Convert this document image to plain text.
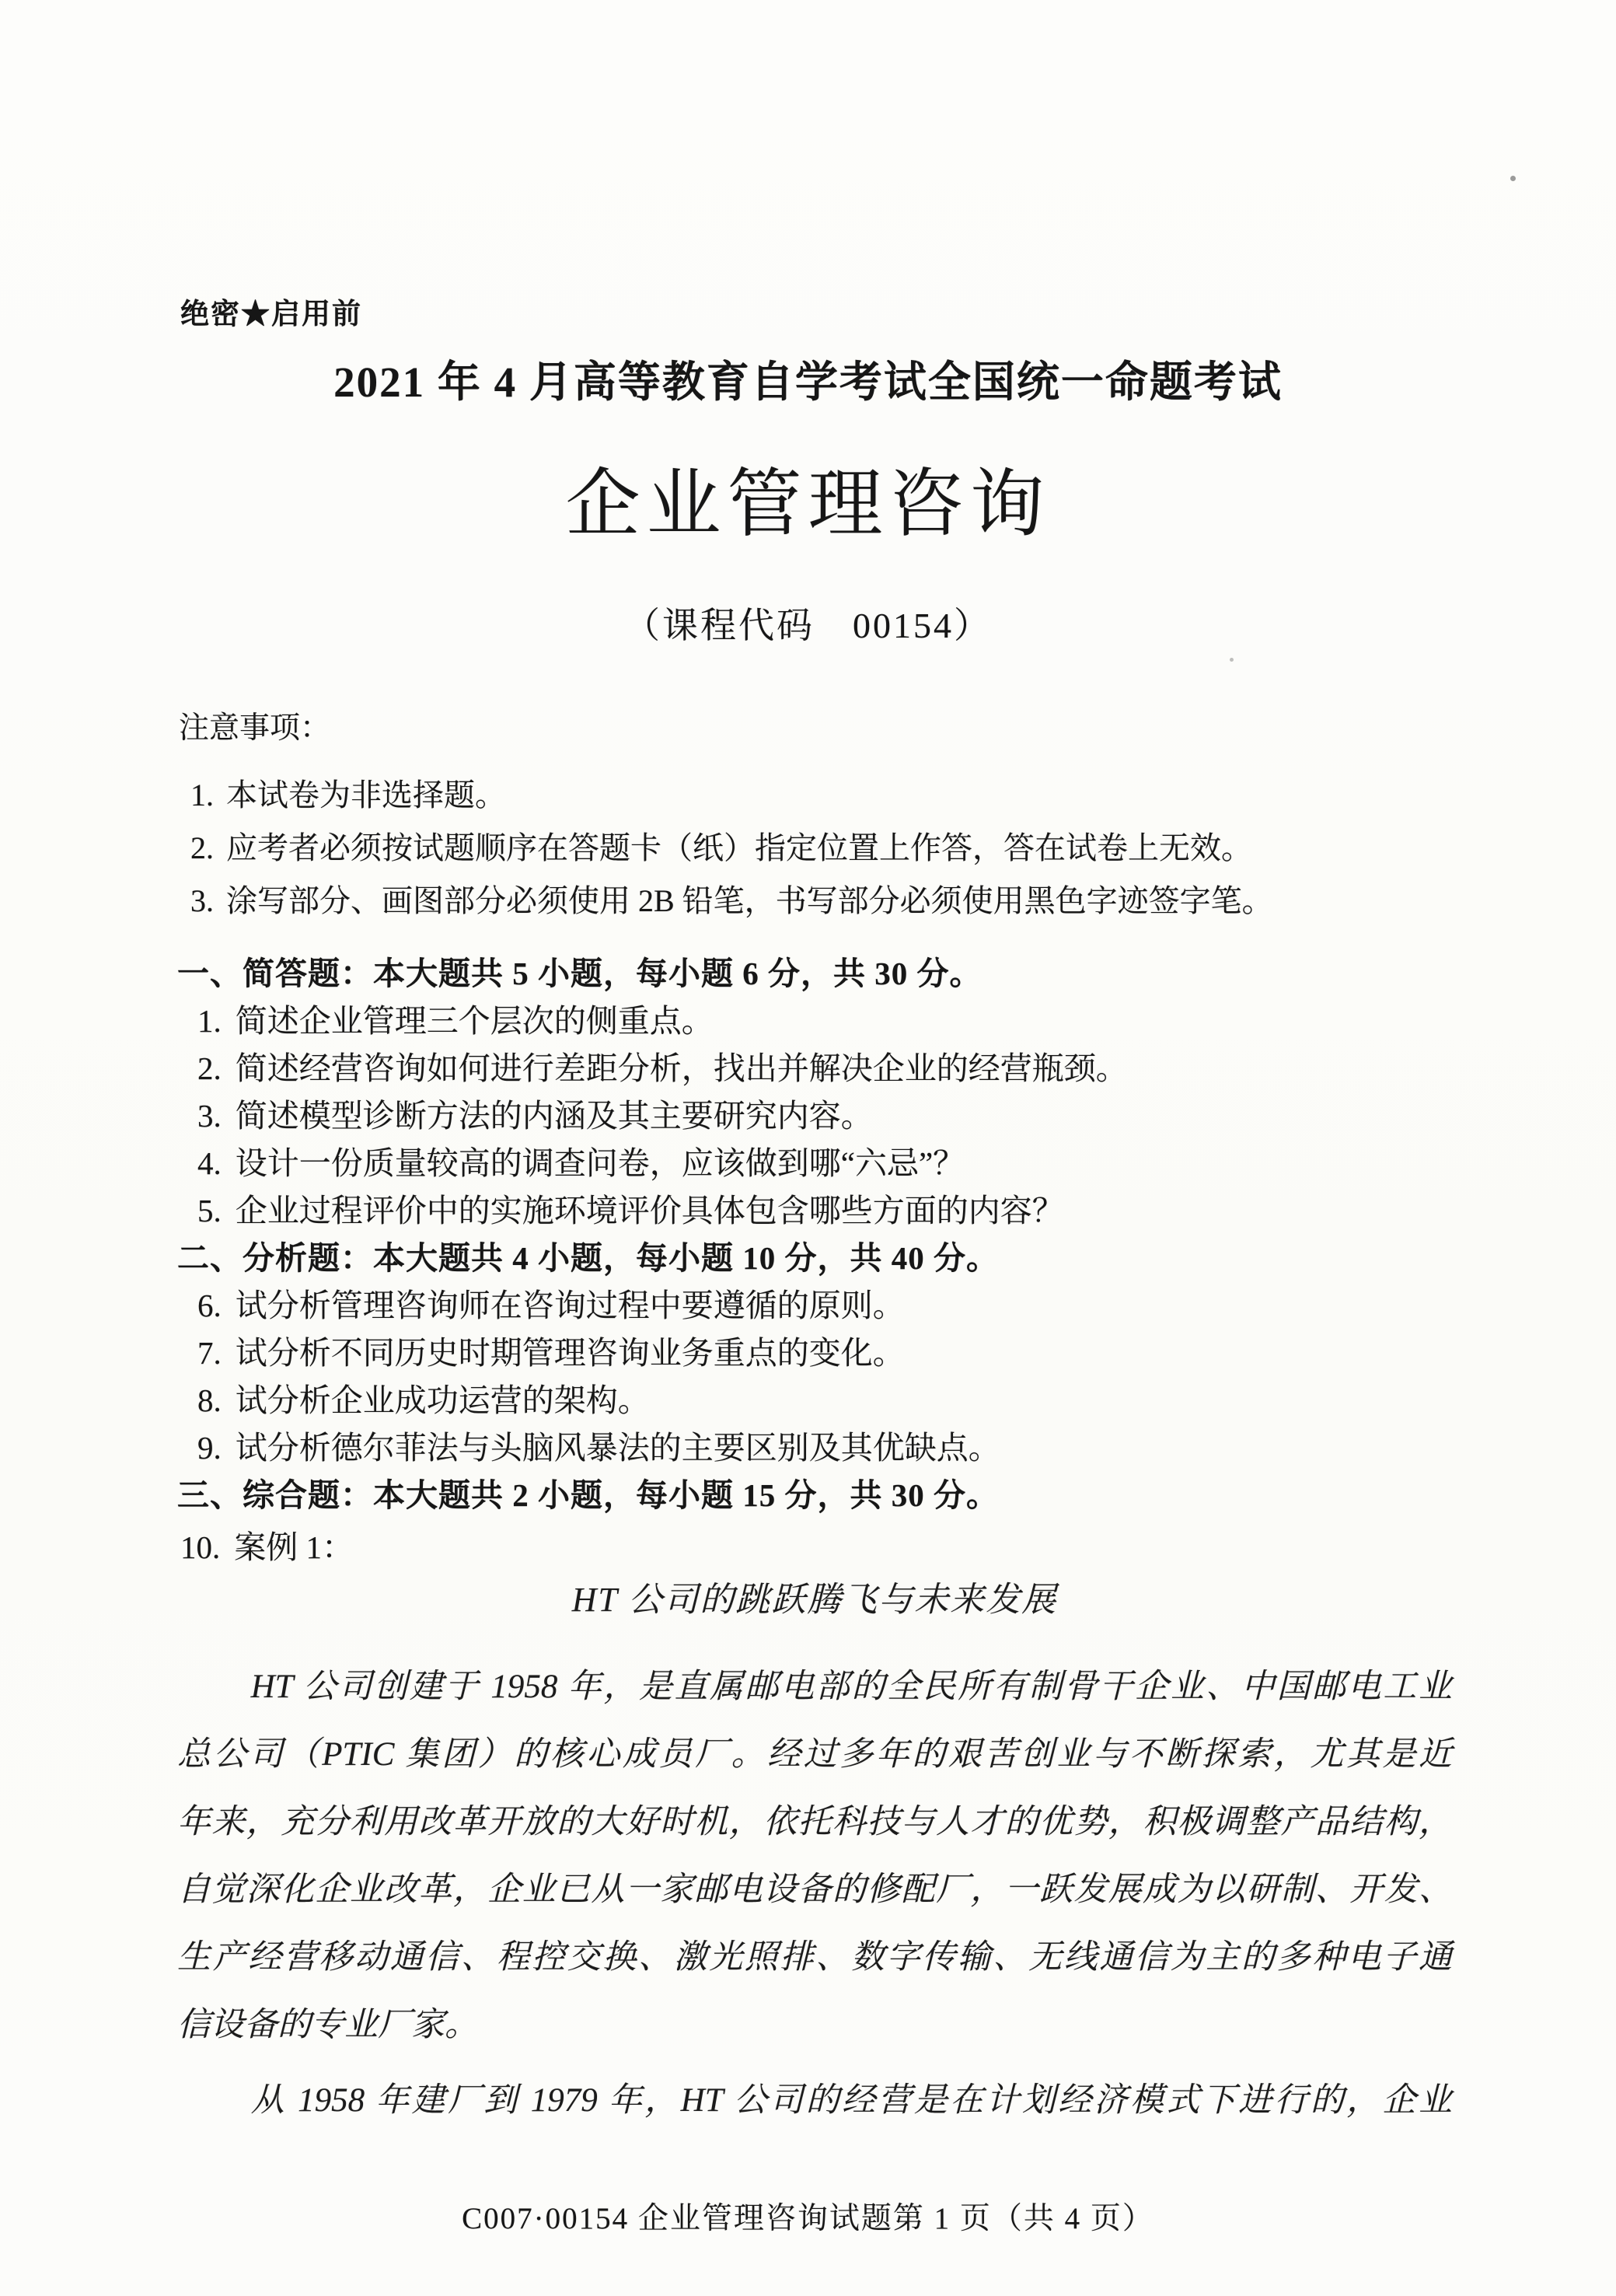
绝密★启用前
2021 年 4 月高等教育自学考试全国统一命题考试
企业管理咨询
（课程代码　00154）
注意事项：
1. 本试卷为非选择题。
2. 应考者必须按试题顺序在答题卡（纸）指定位置上作答，答在试卷上无效。
3. 涂写部分、画图部分必须使用 2B 铅笔，书写部分必须使用黑色字迹签字笔。
一、简答题：本大题共 5 小题，每小题 6 分，共 30 分。
1. 简述企业管理三个层次的侧重点。
2. 简述经营咨询如何进行差距分析，找出并解决企业的经营瓶颈。
3. 简述模型诊断方法的内涵及其主要研究内容。
4. 设计一份质量较高的调查问卷，应该做到哪“六忌”？
5. 企业过程评价中的实施环境评价具体包含哪些方面的内容？
二、分析题：本大题共 4 小题，每小题 10 分，共 40 分。
6. 试分析管理咨询师在咨询过程中要遵循的原则。
7. 试分析不同历史时期管理咨询业务重点的变化。
8. 试分析企业成功运营的架构。
9. 试分析德尔菲法与头脑风暴法的主要区别及其优缺点。
三、综合题：本大题共 2 小题，每小题 15 分，共 30 分。
10. 案例 1：
HT 公司的跳跃腾飞与未来发展
HT 公司创建于 1958 年，是直属邮电部的全民所有制骨干企业、中国邮电工业
总公司（PTIC 集团）的核心成员厂。经过多年的艰苦创业与不断探索，尤其是近
年来，充分利用改革开放的大好时机，依托科技与人才的优势，积极调整产品结构，
自觉深化企业改革，企业已从一家邮电设备的修配厂，一跃发展成为以研制、开发、
生产经营移动通信、程控交换、激光照排、数字传输、无线通信为主的多种电子通
信设备的专业厂家。
从 1958 年建厂到 1979 年，HT 公司的经营是在计划经济模式下进行的，企业
C007·00154 企业管理咨询试题第 1 页（共 4 页）
